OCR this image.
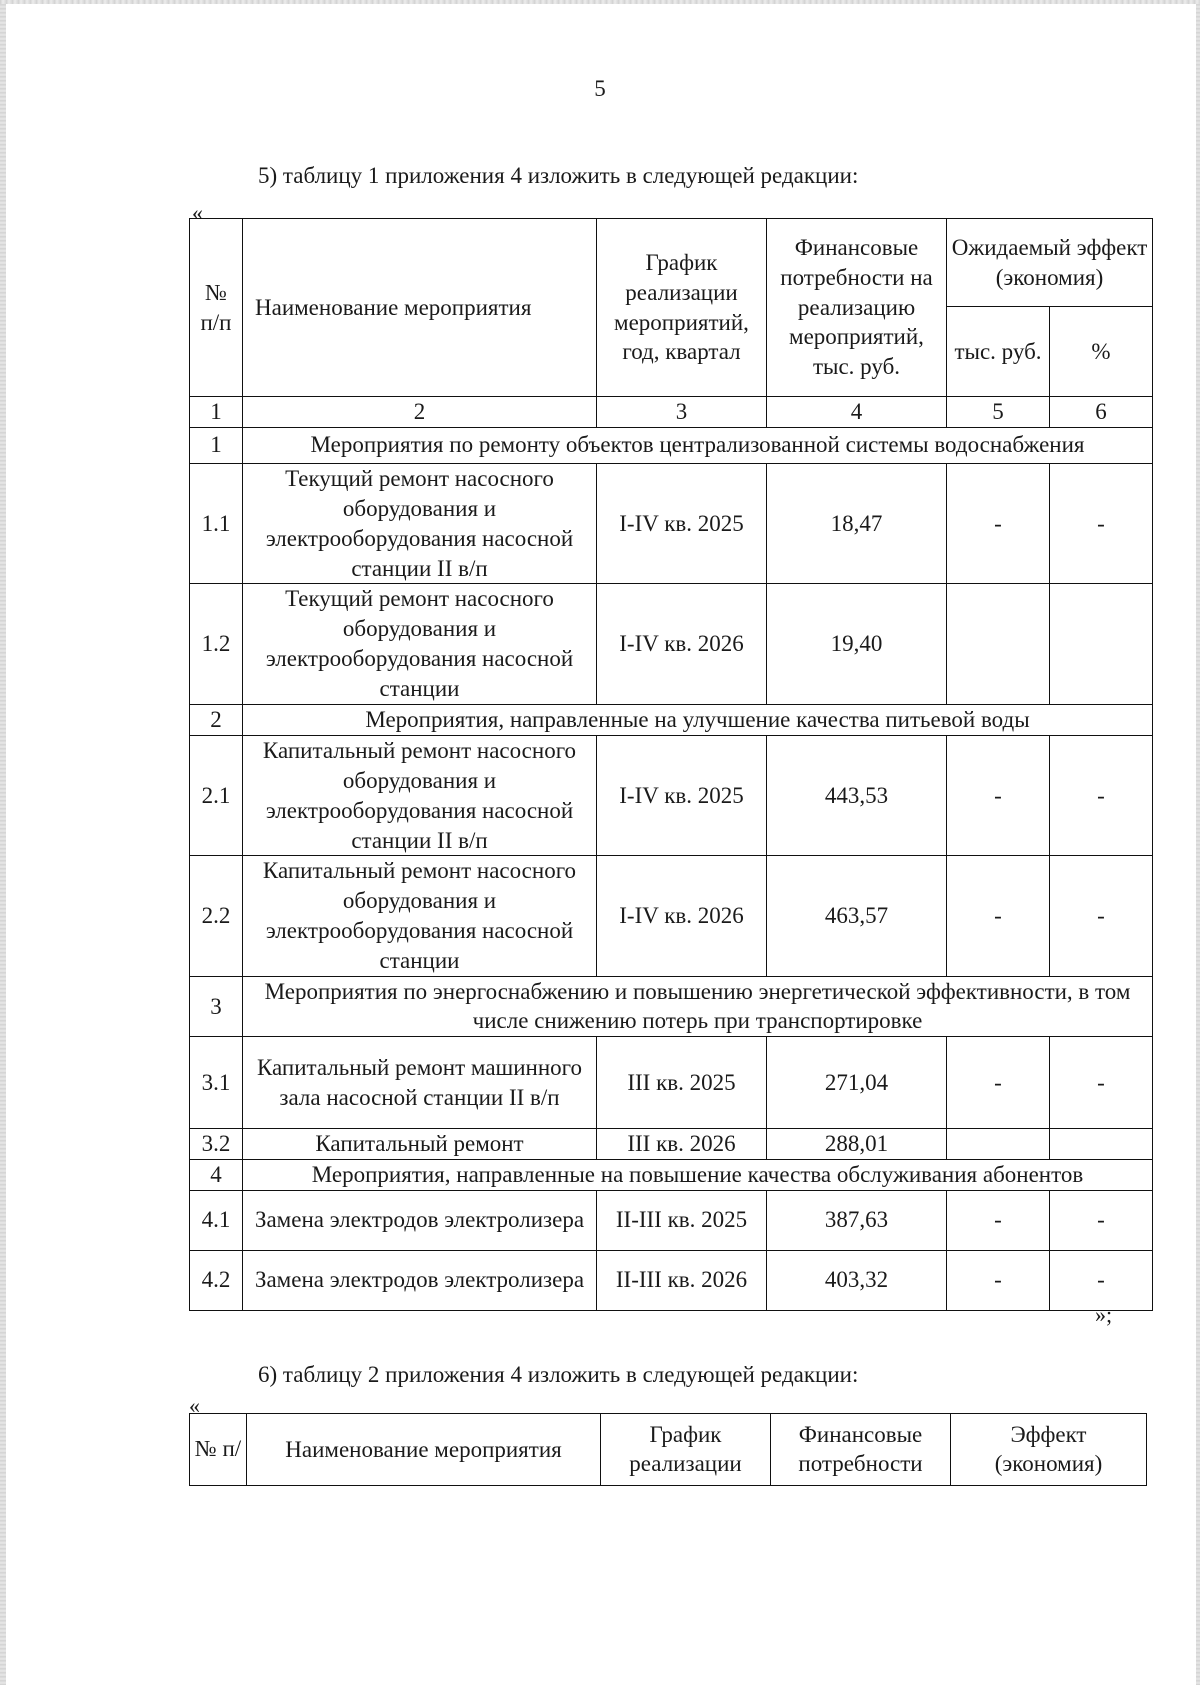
5
5) таблицу 1 приложения 4 изложить в следующей редакции:
«
№ п/п	Наименование мероприятия	График реализации мероприятий, год, квартал	Финансовые потребности на реализацию мероприятий, тыс. руб.	Ожидаемый эффект (экономия)	
				тыс. руб.	%
1	2	3	4	5	6
1	Мероприятия по ремонту объектов централизованной системы водоснабжения				
1.1	Текущий ремонт насосного оборудования и электрооборудования насосной станции II в/п	I-IV кв. 2025	18,47	-	-
1.2	Текущий ремонт насосного оборудования и электрооборудования насосной станции	I-IV кв. 2026	19,40		
2	Мероприятия, направленные на улучшение качества питьевой воды				
2.1	Капитальный ремонт насосного оборудования и электрооборудования насосной станции II в/п	I-IV кв. 2025	443,53	-	-
2.2	Капитальный ремонт насосного оборудования и электрооборудования насосной станции	I-IV кв. 2026	463,57	-	-
3	Мероприятия по энергоснабжению и повышению энергетической эффективности, в том числе снижению потерь при транспортировке				
3.1	Капитальный ремонт машинного зала насосной станции II в/п	III кв. 2025	271,04	-	-
3.2	Капитальный ремонт	III кв. 2026	288,01		
4	Мероприятия, направленные на повышение качества обслуживания абонентов				
4.1	Замена электродов электролизера	II-III кв. 2025	387,63	-	-
4.2	Замена электродов электролизера	II-III кв. 2026	403,32	-	-
»;
6) таблицу 2 приложения 4 изложить в следующей редакции:
«
№ п/	Наименование мероприятия	График реализации	Финансовые потребности	Эффект (экономия)
